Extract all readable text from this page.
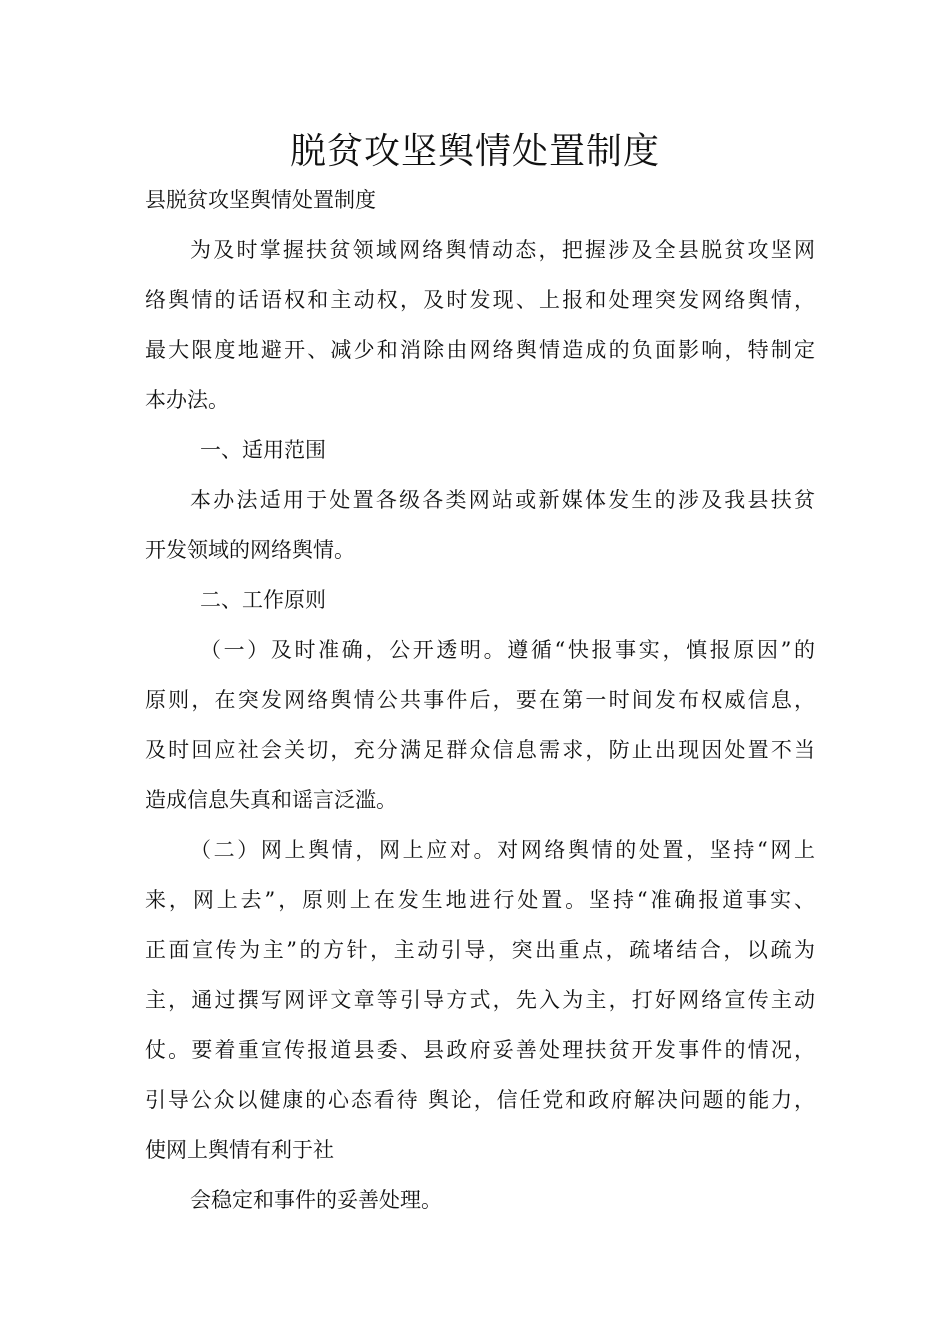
脱贫攻坚舆情处置制度
县脱贫攻坚舆情处置制度
为及时掌握扶贫领域网络舆情动态，把握涉及全县脱贫攻坚网
络舆情的话语权和主动权，及时发现、上报和处理突发网络舆情，
最大限度地避开、减少和消除由网络舆情造成的负面影响，特制定
本办法。
一、适用范围
本办法适用于处置各级各类网站或新媒体发生的涉及我县扶贫
开发领域的网络舆情。
二、工作原则
（一）及时准确，公开透明。遵循“快报事实，慎报原因”的
原则，在突发网络舆情公共事件后，要在第一时间发布权威信息，
及时回应社会关切，充分满足群众信息需求，防止出现因处置不当
造成信息失真和谣言泛滥。
（二）网上舆情，网上应对。对网络舆情的处置，坚持“网上
来，网上去”，原则上在发生地进行处置。坚持“准确报道事实、
正面宣传为主”的方针，主动引导，突出重点，疏堵结合，以疏为
主，通过撰写网评文章等引导方式，先入为主，打好网络宣传主动
仗。要着重宣传报道县委、县政府妥善处理扶贫开发事件的情况，
引导公众以健康的心态看待 舆论，信任党和政府解决问题的能力，
使网上舆情有利于社
会稳定和事件的妥善处理。
